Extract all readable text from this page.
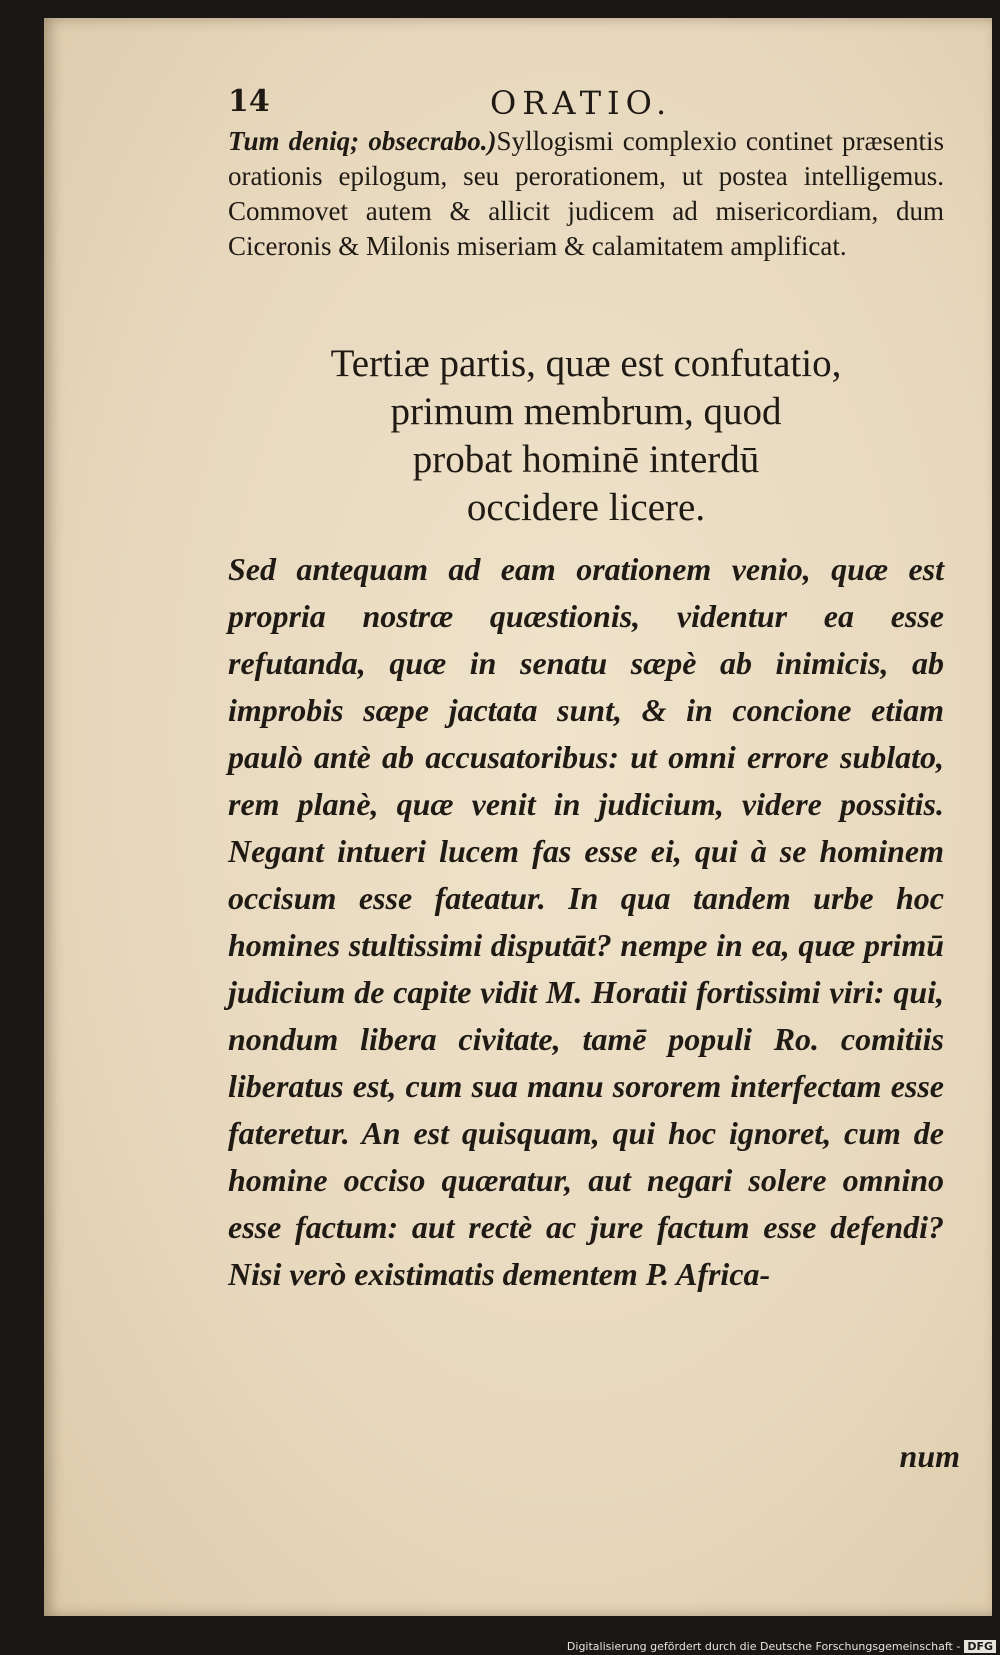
14	ORATIO.
Tum deniq; obsecrabo.)Syllogismi complexio continet præsentis orationis epilogum, seu perorationem, ut postea intelligemus. Commovet autem & allicit judicem ad misericordiam, dum Ciceronis & Milonis miseriam & calamitatem amplificat.
Tertiæ partis, quæ est confutatio,
primum membrum, quod
probat hominē interdū
occidere licere.
Sed antequam ad eam orationem venio, quæ est propria nostræ quæstionis, videntur ea esse refutanda, quæ in senatu sæpè ab inimicis, ab improbis sæpe jactata sunt, & in concione etiam paulò antè ab accusatoribus: ut omni errore sublato, rem planè, quæ venit in judicium, videre possitis. Negant intueri lucem fas esse ei, qui à se hominem occisum esse fateatur. In qua tandem urbe hoc homines stultissimi disputāt? nempe in ea, quæ primū judicium de capite vidit M. Horatii fortissimi viri: qui, nondum libera civitate, tamē populi Ro. comitiis liberatus est, cum sua manu sororem interfectam esse fateretur. An est quisquam, qui hoc ignoret, cum de homine occiso quæratur, aut negari solere omnino esse factum: aut rectè ac jure factum esse defendi? Nisi verò existimatis dementem P. Africa-
num
Digitalisierung gefördert durch die Deutsche Forschungsgemeinschaft - DFG
